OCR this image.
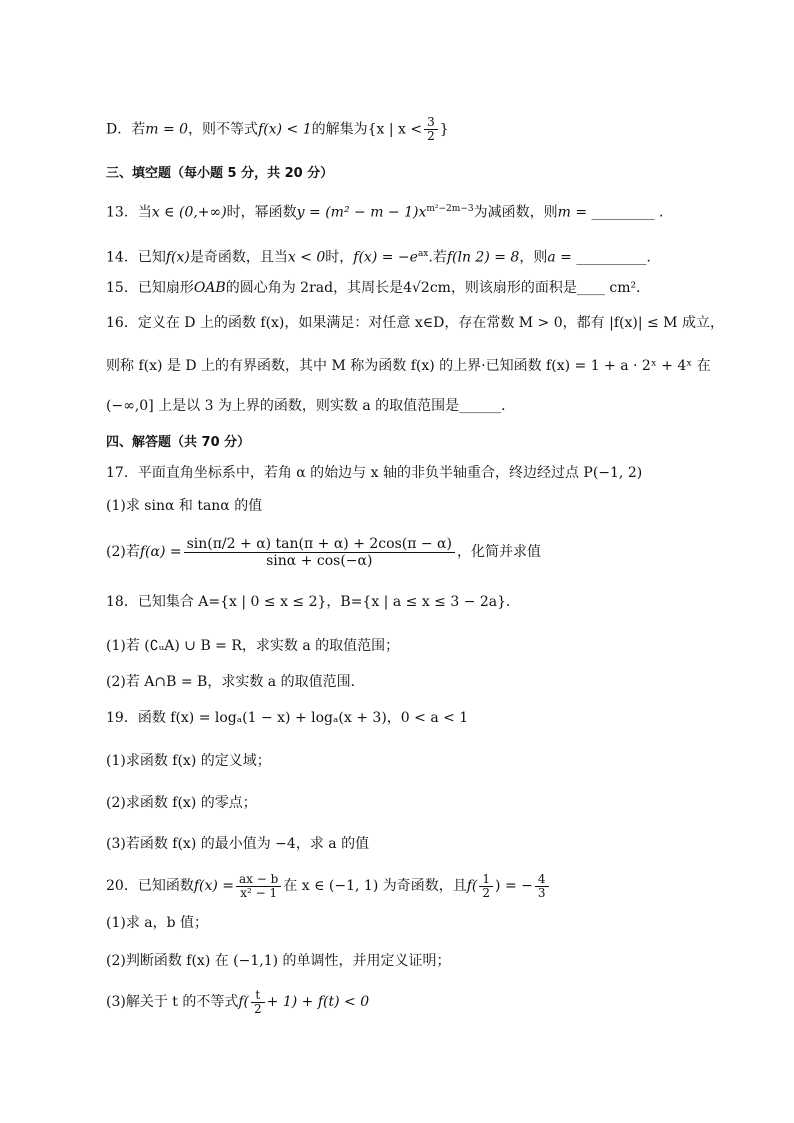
D．若m = 0，则不等式f(x) < 1的解集为{x | $x < \frac{3}{2}$ }
三、填空题（每小题 5 分，共 20 分）
13．当x ∈ (0,+∞)时，幂函数$y = (m^2 - m - 1)x^{m^2-2m-3}$为减函数，则m = _________ .
14．已知f(x)是奇函数，且当x < 0时，$f(x) = -e^{ax}$.若f(ln 2) = 8，则a = __________.
15．已知扇形OAB的圆心角为 2rad，其周长是4√2cm，则该扇形的面积是____ cm²．
16．定义在 D 上的函数 f(x)，如果满足：对任意 x∈D，存在常数 M > 0，都有 |f(x)| ≤ M 成立，
则称 f(x) 是 D 上的有界函数，其中 M 称为函数 f(x) 的上界·已知函数 f(x) = 1 + a · 2ˣ + 4ˣ 在
(−∞,0] 上是以 3 为上界的函数，则实数 a 的取值范围是______．
四、解答题（共 70 分）
17．平面直角坐标系中，若角 α 的始边与 x 轴的非负半轴重合，终边经过点 P(−1, 2)
(1)求 sinα 和 tanα 的值
(2)若$f(\alpha) = \frac{\sin(\pi/2 + \alpha) \tan(\pi + \alpha) + 2\cos(\pi - \alpha)}{\sin\alpha + \cos(-\alpha)}$ ，化简并求值
18．已知集合 A={x | 0 ≤ x ≤ 2}，B={x | a ≤ x ≤ 3 − 2a}．
(1)若 (∁ᵤA) ∪ B = R，求实数 a 的取值范围；
(2)若 A∩B = B，求实数 a 的取值范围．
19．函数 f(x) = logₐ(1 − x) + logₐ(x + 3)，0 < a < 1
(1)求函数 f(x) 的定义域；
(2)求函数 f(x) 的零点；
(3)若函数 f(x) 的最小值为 −4，求 a 的值
20．已知函数$f(x) = \frac{ax - b}{\text{x² − 1}}$ 在 x ∈ (−1, 1) 为奇函数，且$f( \frac{1}{2}$ ) = − $\frac{4}{3}$
(1)求 a，b 值；
(2)判断函数 f(x) 在 (−1,1) 的单调性，并用定义证明；
(3)解关于 t 的不等式$f( \frac{t}{2} + 1) + f(t) < 0$
